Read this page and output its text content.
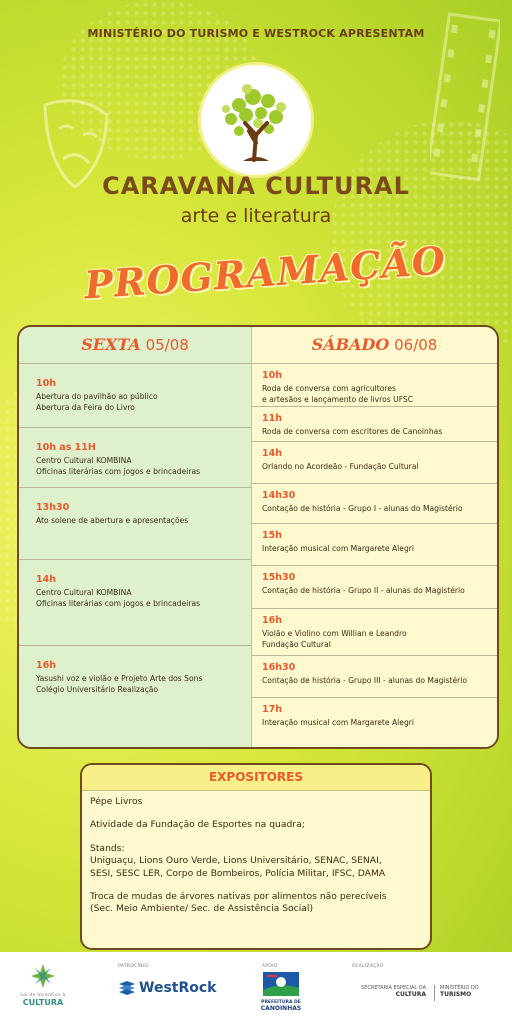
MINISTÉRIO DO TURISMO E WESTROCK APRESENTAM
CARAVANA CULTURAL
arte e literatura
PROGRAMAÇÃO
SEXTA 05/08
10h
Abertura do pavilhão ao público
Abertura da Feira do Livro
10h as 11H
Centro Cultural KOMBINA
Oficinas literárias com jogos e brincadeiras
13h30
Ato solene de abertura e apresentações
14h
Centro Cultural KOMBINA
Oficinas literárias com jogos e brincadeiras
16h
Yasushi voz e violão e Projeto Arte dos Sons
Colégio Universitário Realização
SÁBADO 06/08
10h
Roda de conversa com agricultores
e artesãos e lançamento de livros UFSC
11h
Roda de conversa com escritores de Canoinhas
14h
Orlando no Acordeão - Fundação Cultural
14h30
Contação de história - Grupo I - alunas do Magistério
15h
Interação musical com Margarete Alegri
15h30
Contação de história - Grupo II - alunas do Magistério
16h
Violão e Violino com Willian e Leandro
Fundação Cultural
16h30
Contação de história - Grupo III - alunas do Magistério
17h
Interação musical com Margarete Alegri
EXPOSITORES

Pépe Livros

Atividade da Fundação de Esportes na quadra;

Stands:
Uniguaçu, Lions Ouro Verde, Lions Universitário, SENAC, SENAI,
SESI, SESC LER, Corpo de Bombeiros, Polícia Militar, IFSC, DAMA

Troca de mudas de árvores nativas por alimentos não perecíveis
(Sec. Meio Ambiente/ Sec. de Assistência Social)

Lei de Incentivo à
CULTURA
PATROCÍNIO
WestRock
APOIO
PREFEITURA DE
CANOINHAS
REALIZAÇÃO
SECRETARIA ESPECIAL DA
CULTURA
MINISTÉRIO DO
TURISMO
